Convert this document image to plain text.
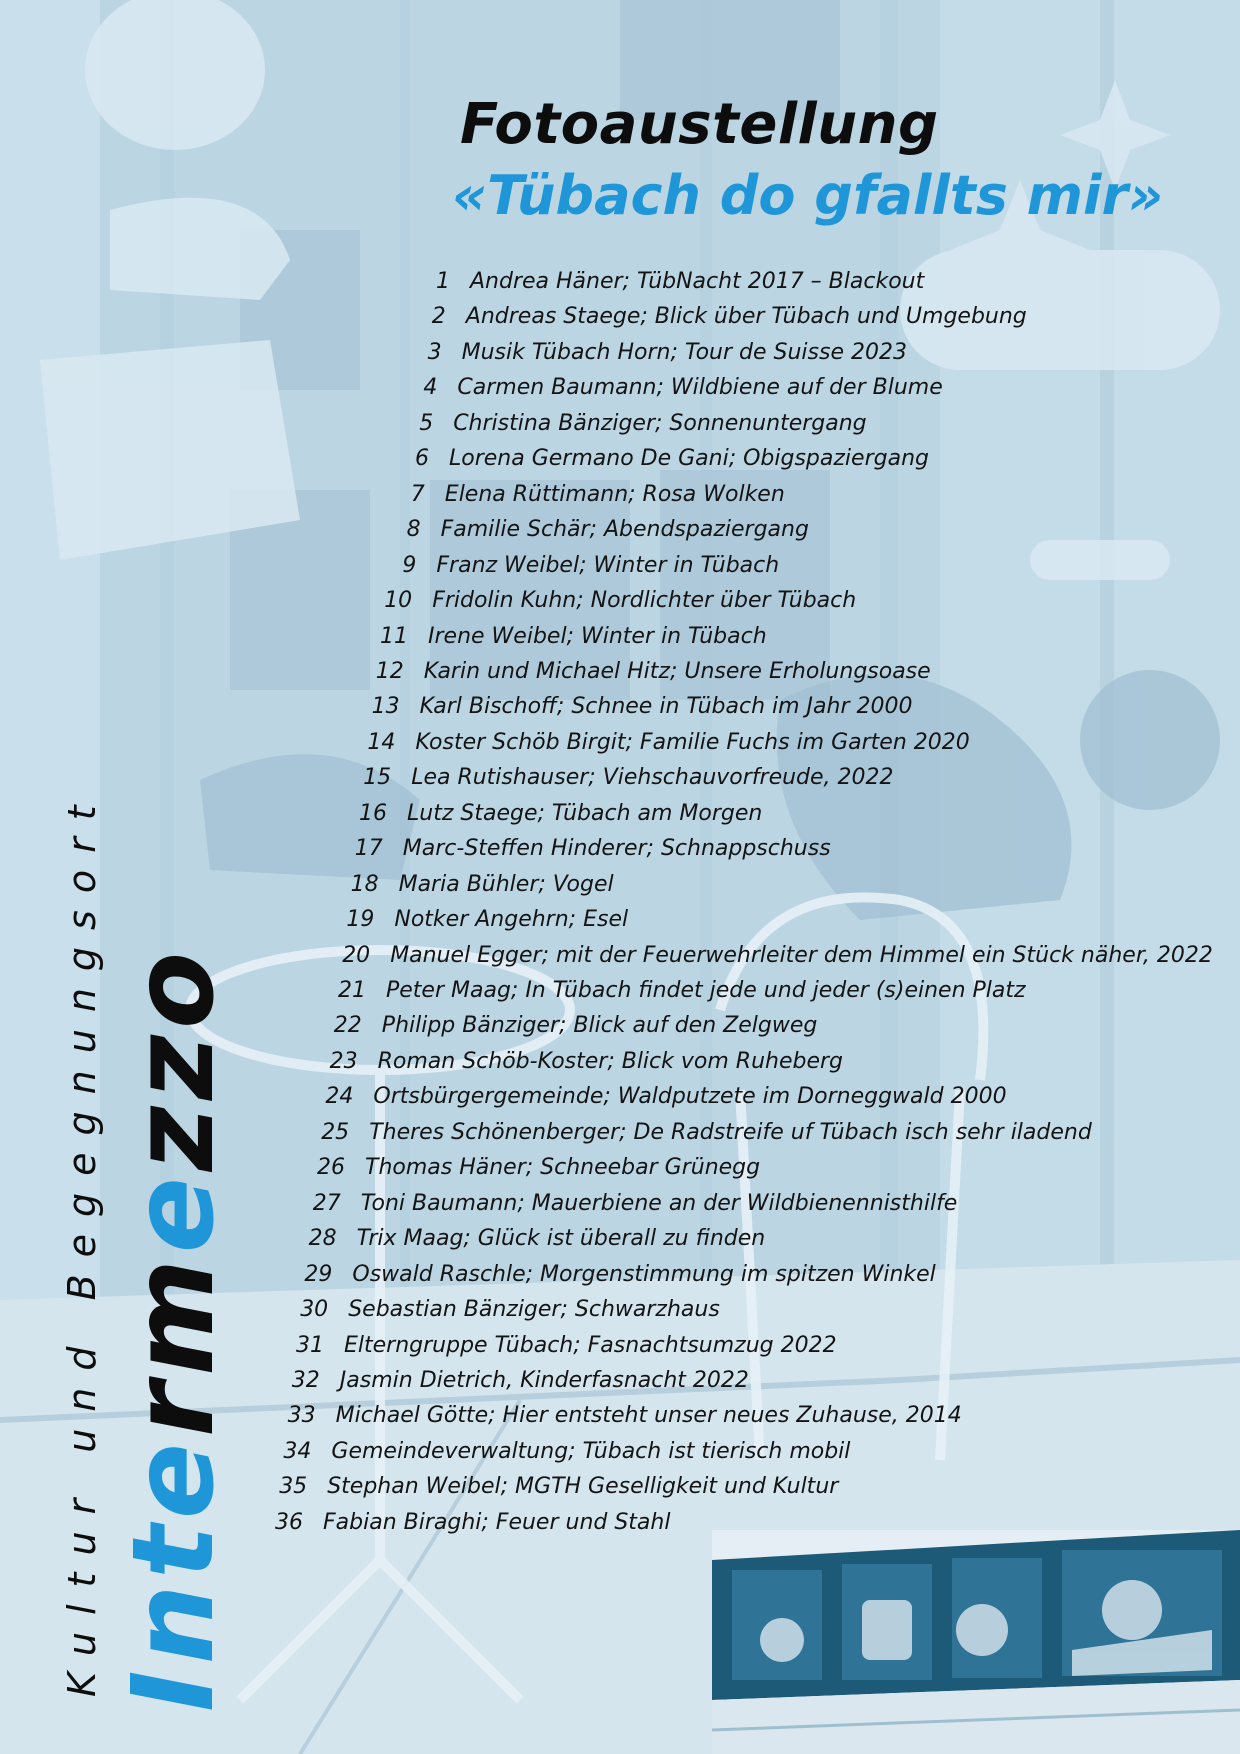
Fotoaustellung
«Tübach do gfallts mir»
1 Andrea Häner; TübNacht 2017 – Blackout
2 Andreas Staege; Blick über Tübach und Umgebung
3 Musik Tübach Horn; Tour de Suisse 2023
4 Carmen Baumann; Wildbiene auf der Blume
5 Christina Bänziger; Sonnenuntergang
6 Lorena Germano De Gani; Obigspaziergang
7 Elena Rüttimann; Rosa Wolken
8 Familie Schär; Abendspaziergang
9 Franz Weibel; Winter in Tübach
10 Fridolin Kuhn; Nordlichter über Tübach
11 Irene Weibel; Winter in Tübach
12 Karin und Michael Hitz; Unsere Erholungsoase
13 Karl Bischoff; Schnee in Tübach im Jahr 2000
14 Koster Schöb Birgit; Familie Fuchs im Garten 2020
15 Lea Rutishauser; Viehschauvorfreude, 2022
16 Lutz Staege; Tübach am Morgen
17 Marc-Steffen Hinderer; Schnappschuss
18 Maria Bühler; Vogel
19 Notker Angehrn; Esel
20 Manuel Egger; mit der Feuerwehrleiter dem Himmel ein Stück näher, 2022
21 Peter Maag; In Tübach findet jede und jeder (s)einen Platz
22 Philipp Bänziger; Blick auf den Zelgweg
23 Roman Schöb-Koster; Blick vom Ruheberg
24 Ortsbürgergemeinde; Waldputzete im Dorneggwald 2000
25 Theres Schönenberger; De Radstreife uf Tübach isch sehr iladend
26 Thomas Häner; Schneebar Grünegg
27 Toni Baumann; Mauerbiene an der Wildbienennisthilfe
28 Trix Maag; Glück ist überall zu finden
29 Oswald Raschle; Morgenstimmung im spitzen Winkel
30 Sebastian Bänziger; Schwarzhaus
31 Elterngruppe Tübach; Fasnachtsumzug 2022
32 Jasmin Dietrich, Kinderfasnacht 2022
33 Michael Götte; Hier entsteht unser neues Zuhause, 2014
34 Gemeindeverwaltung; Tübach ist tierisch mobil
35 Stephan Weibel; MGTH Geselligkeit und Kultur
36 Fabian Biraghi; Feuer und Stahl
Kultur und Begegnungsort Intermezzo
